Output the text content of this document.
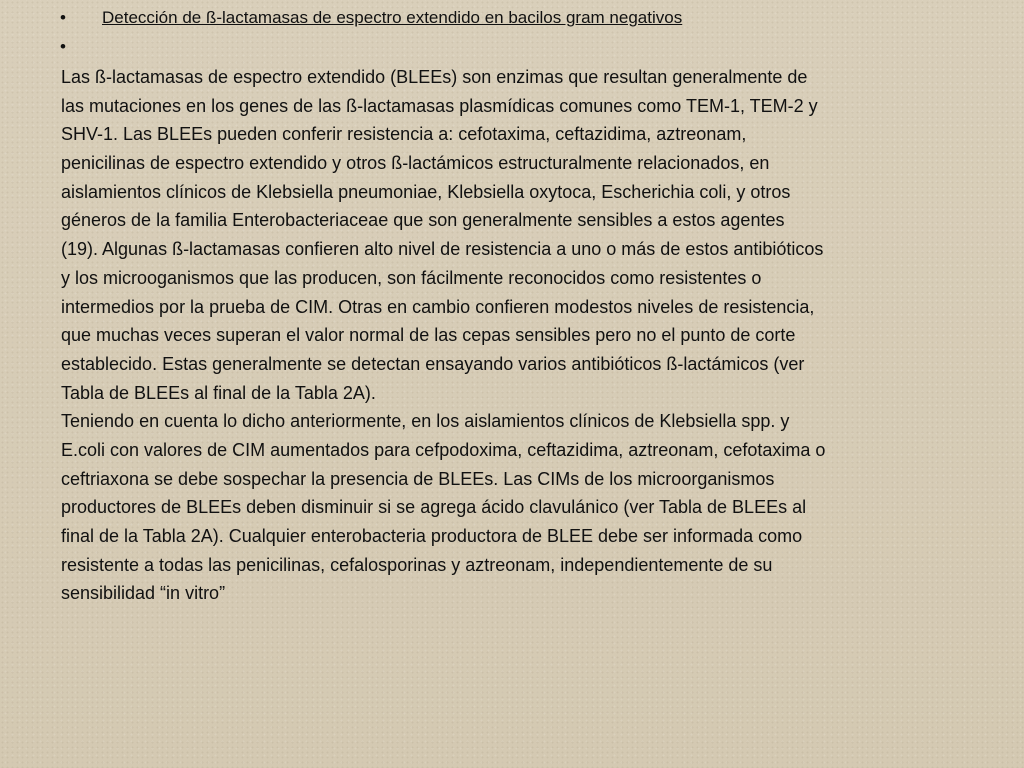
• Detección de ß-lactamasas de espectro extendido en bacilos gram negativos
•
Las ß-lactamasas de espectro extendido (BLEEs) son enzimas que resultan generalmente de
las mutaciones en los genes de las ß-lactamasas plasmídicas comunes como TEM-1, TEM-2 y
SHV-1. Las BLEEs pueden conferir resistencia a: cefotaxima, ceftazidima, aztreonam,
penicilinas de espectro extendido y otros ß-lactámicos estructuralmente relacionados, en
aislamientos clínicos de Klebsiella pneumoniae, Klebsiella oxytoca, Escherichia coli, y otros
géneros de la familia Enterobacteriaceae que son generalmente sensibles a estos agentes
(19). Algunas ß-lactamasas confieren alto nivel de resistencia a uno o más de estos antibióticos
y los microoganismos que las producen, son fácilmente reconocidos como resistentes o
intermedios por la prueba de CIM. Otras en cambio confieren modestos niveles de resistencia,
que muchas veces superan el valor normal de las cepas sensibles pero no el punto de corte
establecido. Estas generalmente se detectan ensayando varios antibióticos ß-lactámicos (ver
Tabla de BLEEs al final de la Tabla 2A).
Teniendo en cuenta lo dicho anteriormente, en los aislamientos clínicos de Klebsiella spp. y
E.coli con valores de CIM aumentados para cefpodoxima, ceftazidima, aztreonam, cefotaxima o
ceftriaxona se debe sospechar la presencia de BLEEs. Las CIMs de los microorganismos
productores de BLEEs deben disminuir si se agrega ácido clavulánico (ver Tabla de BLEEs al
final de la Tabla 2A). Cualquier enterobacteria productora de BLEE debe ser informada como
resistente a todas las penicilinas, cefalosporinas y aztreonam, independientemente de su
sensibilidad “in vitro”
